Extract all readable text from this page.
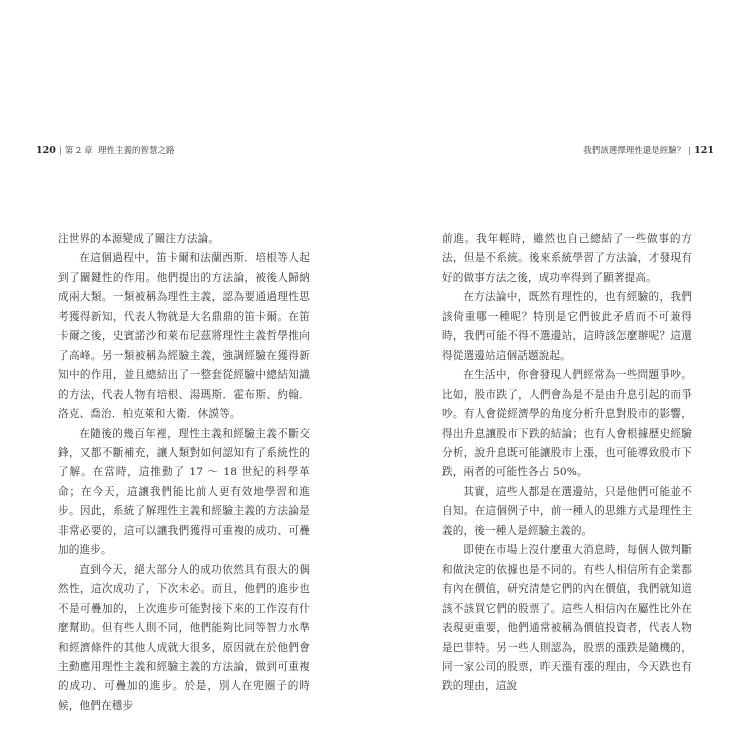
120 | 第 2 章 理性主義的智慧之路

注世界的本源變成了關注方法論。

在這個過程中，笛卡爾和法蘭西斯．培根等人起到了關鍵性的作用。他們提出的方法論，被後人歸納成兩大類。一類被稱為理性主義，認為要通過理性思考獲得新知，代表人物就是大名鼎鼎的笛卡爾。在笛卡爾之後，史賓諾沙和萊布尼茲將理性主義哲學推向了高峰。另一類被稱為經驗主義，強調經驗在獲得新知中的作用，並且總結出了一整套從經驗中總結知識的方法，代表人物有培根、湯瑪斯．霍布斯、約翰．洛克、喬治．柏克萊和大衛．休謨等。

在隨後的幾百年裡，理性主義和經驗主義不斷交鋒，又都不斷補充，讓人類對如何認知有了系統性的了解。在當時，這推動了 17 ～ 18 世紀的科學革命；在今天，這讓我們能比前人更有效地學習和進步。因此，系統了解理性主義和經驗主義的方法論是非常必要的，這可以讓我們獲得可重複的成功、可疊加的進步。

直到今天，絕大部分人的成功依然具有很大的偶然性，這次成功了，下次未必。而且，他們的進步也不是可疊加的，上次進步可能對接下來的工作沒有什麼幫助。但有些人則不同，他們能夠比同等智力水準和經濟條件的其他人成就大很多，原因就在於他們會主動應用理性主義和經驗主義的方法論，做到可重複的成功、可疊加的進步。於是，別人在兜圈子的時候，他們在穩步

我們該選擇理性還是經驗？ | 121

前進。我年輕時，雖然也自己總結了一些做事的方法，但是不系統。後來系統學習了方法論，才發現有好的做事方法之後，成功率得到了顯著提高。

在方法論中，既然有理性的，也有經驗的，我們該倚重哪一種呢？特別是它們彼此矛盾而不可兼得時，我們可能不得不選邊站，這時該怎麼辦呢？這還得從選邊站這個話題說起。

在生活中，你會發現人們經常為一些問題爭吵。比如，股市跌了，人們會為是不是由升息引起的而爭吵。有人會從經濟學的角度分析升息對股市的影響，得出升息讓股市下跌的結論；也有人會根據歷史經驗分析，說升息既可能讓股市上漲，也可能導致股市下跌，兩者的可能性各占 50%。

其實，這些人都是在選邊站，只是他們可能並不自知。在這個例子中，前一種人的思維方式是理性主義的，後一種人是經驗主義的。

即使在市場上沒什麼重大消息時，每個人做判斷和做決定的依據也是不同的。有些人相信所有企業都有內在價值，研究清楚它們的內在價值，我們就知道該不該買它們的股票了。這些人相信內在屬性比外在表現更重要，他們通常被稱為價值投資者，代表人物是巴菲特。另一些人則認為，股票的漲跌是隨機的，同一家公司的股票，昨天漲有漲的理由，今天跌也有跌的理由，這說
